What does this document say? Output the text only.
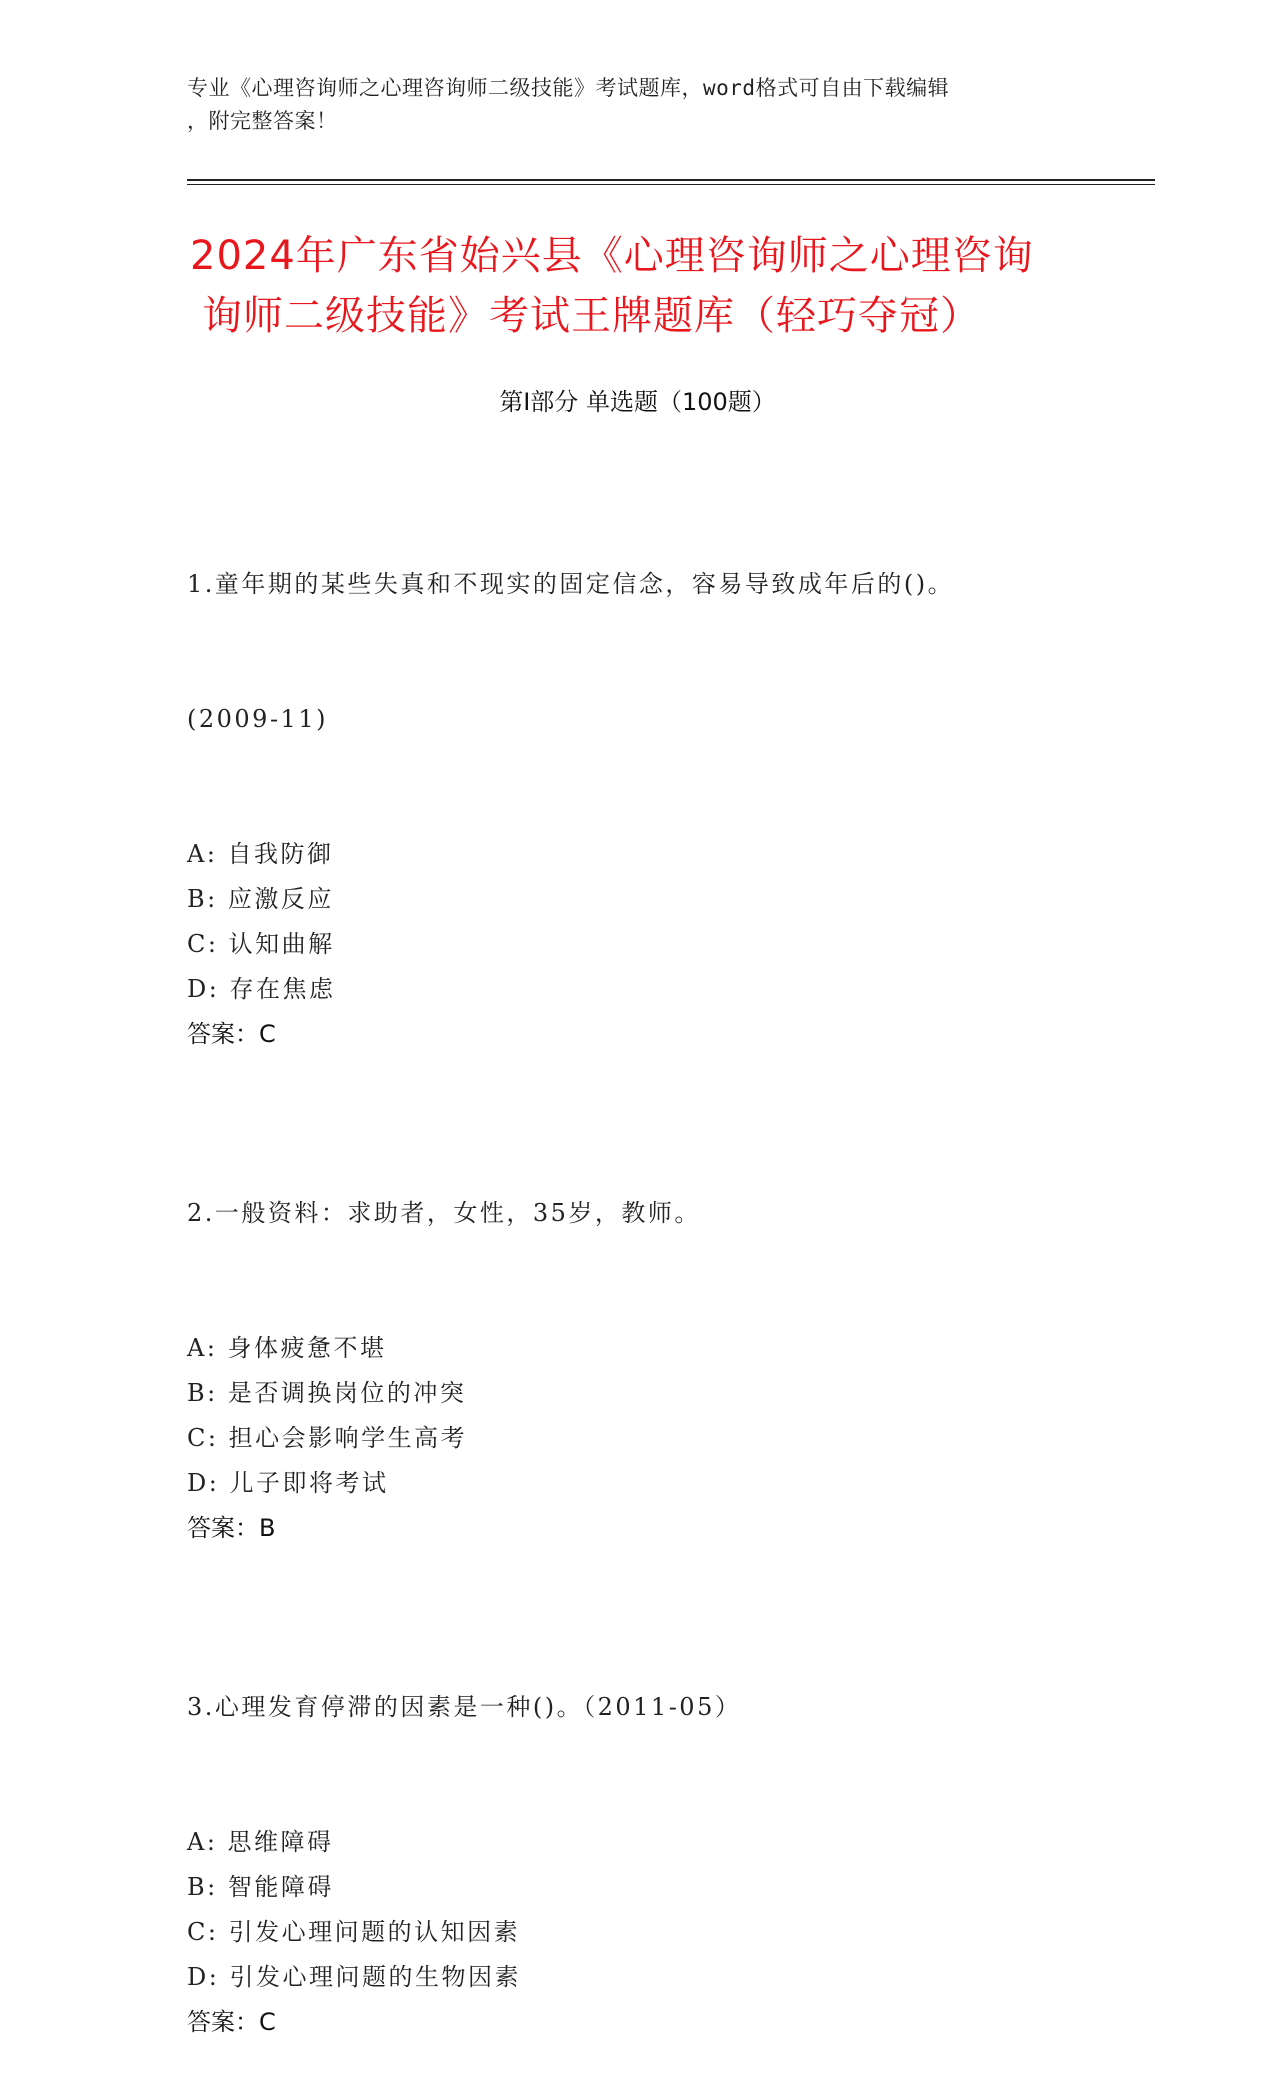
专业《心理咨询师之心理咨询师二级技能》考试题库，word格式可自由下载编辑
，附完整答案！
2024年广东省始兴县《心理咨询师之心理咨询
询师二级技能》考试王牌题库（轻巧夺冠）
第Ⅰ部分 单选题（100题）

1.童年期的某些失真和不现实的固定信念，容易导致成年后的()。

(2009-11)

A: 自我防御
B: 应激反应
C: 认知曲解
D: 存在焦虑
答案：C

2.一般资料：求助者，女性，35岁，教师。

A: 身体疲惫不堪
B: 是否调换岗位的冲突
C: 担心会影响学生高考
D: 儿子即将考试
答案：B

3.心理发育停滞的因素是一种()。（2011-05）

A: 思维障碍
B: 智能障碍
C: 引发心理问题的认知因素
D: 引发心理问题的生物因素
答案：C
